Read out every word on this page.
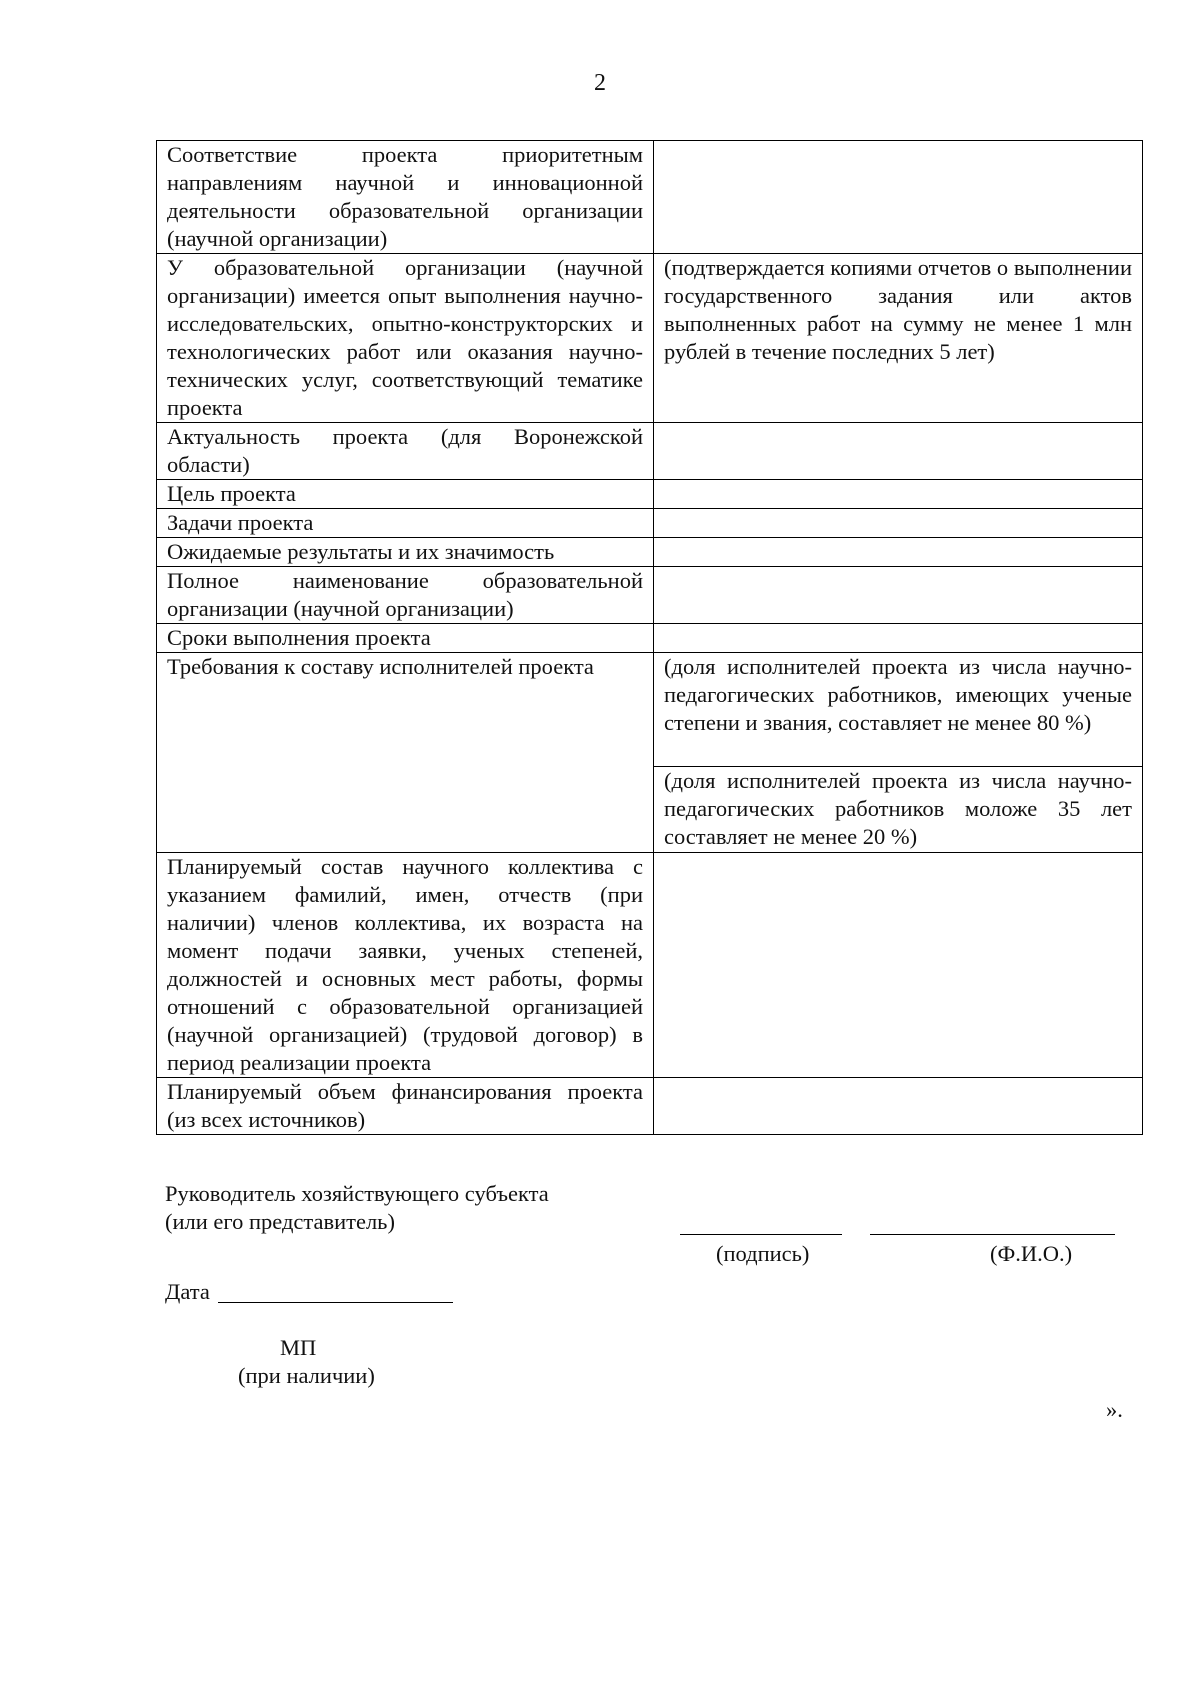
2
Соответствие проекта приоритетным направлениям научной и инновационной деятельности образовательной организации (научной организации)	
У образовательной организации (научной организации) имеется опыт выполнения научно-исследовательских, опытно-конструкторских и технологических работ или оказания научно-технических услуг, соответствующий тематике проекта	(подтверждается копиями отчетов о выполнении государственного задания или актов выполненных работ на сумму не менее 1 млн рублей в течение последних 5 лет)
Актуальность проекта (для Воронежской области)	
Цель проекта	
Задачи проекта	
Ожидаемые результаты и их значимость	
Полное наименование образовательной организации (научной организации)	
Сроки выполнения проекта	
Требования к составу исполнителей проекта	(доля исполнителей проекта из числа научно-педагогических работников, имеющих ученые степени и звания, составляет не менее 80 %)
	(доля исполнителей проекта из числа научно-педагогических работников моложе 35 лет составляет не менее 20 %)
Планируемый состав научного коллектива с указанием фамилий, имен, отчеств (при наличии) членов коллектива, их возраста на момент подачи заявки, ученых степеней, должностей и основных мест работы, формы отношений с образовательной организацией (научной организацией) (трудовой договор) в период реализации проекта	
Планируемый объем финансирования проекта (из всех источников)	
Руководитель хозяйствующего субъекта
(или его представитель)
(подпись)	(Ф.И.О.)
Дата
МП
(при наличии)
».
